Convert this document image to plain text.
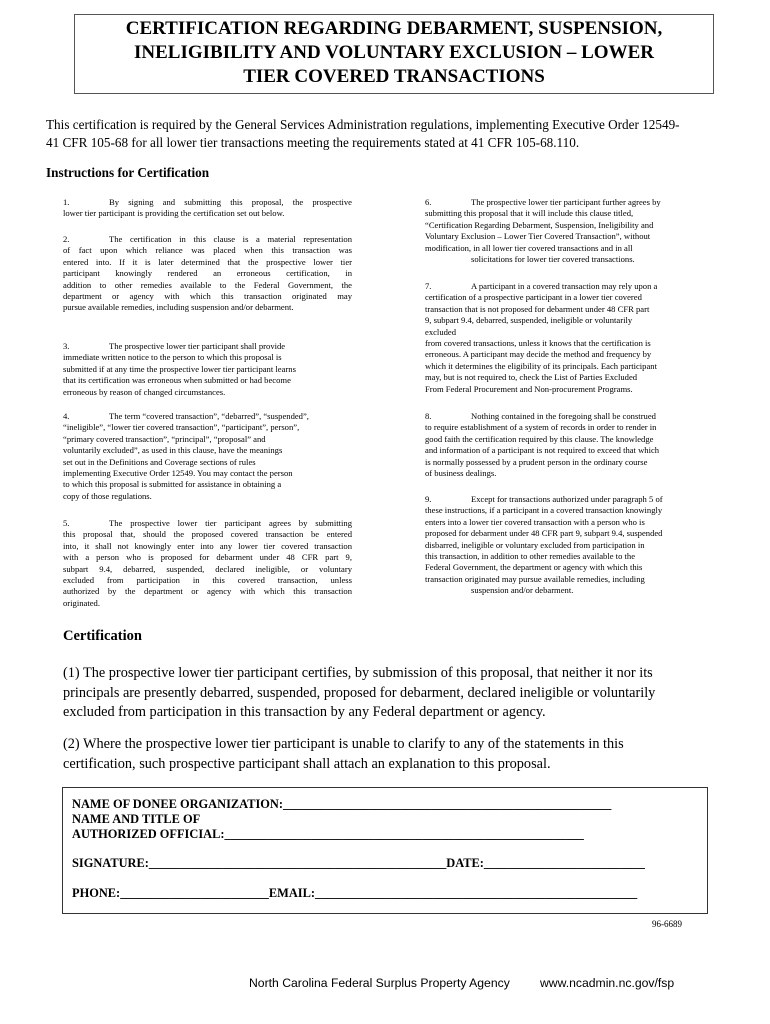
CERTIFICATION REGARDING DEBARMENT, SUSPENSION,
INELIGIBILITY AND VOLUNTARY EXCLUSION – LOWER
TIER COVERED TRANSACTIONS
This certification is required by the General Services Administration regulations, implementing Executive Order 12549-
41 CFR 105-68 for all lower tier transactions meeting the requirements stated at 41 CFR 105-68.110.
Instructions for Certification
1.	By signing and submitting this proposal, the prospective
lower tier participant is providing the certification set out below.
2.	The certification in this clause is a material representation
of fact upon which reliance was placed when this transaction was
entered into. If it is later determined that the prospective lower tier
participant knowingly rendered an erroneous certification, in
addition to other remedies available to the Federal Government, the
department or agency with which this transaction originated may
pursue available remedies, including suspension and/or debarment.
3.	The prospective lower tier participant shall provide
immediate written notice to the person to which this proposal is
submitted if at any time the prospective lower tier participant learns
that its certification was erroneous when submitted or had become
erroneous by reason of changed circumstances.
4.	The term “covered transaction”, “debarred”, “suspended”,
“ineligible”, “lower tier covered transaction”, “participant”, person”,
“primary covered transaction”, “principal”, “proposal” and
voluntarily excluded”, as used in this clause, have the meanings
set out in the Definitions and Coverage sections of rules
implementing Executive Order 12549. You may contact the person
to which this proposal is submitted for assistance in obtaining a
copy of those regulations.
5.	The prospective lower tier participant agrees by submitting
this proposal that, should the proposed covered transaction be entered
into, it shall not knowingly enter into any lower tier covered transaction
with a person who is proposed for debarment under 48 CFR part 9,
subpart 9.4, debarred, suspended, declared ineligible, or voluntary
excluded from participation in this covered transaction, unless
authorized by the department or agency with which this transaction
originated.
6.	The prospective lower tier participant further agrees by
submitting this proposal that it will include this clause titled,
“Certification Regarding Debarment, Suspension, Ineligibility and
Voluntary Exclusion – Lower Tier Covered Transaction”, without
modification, in all lower tier covered transactions and in all
solicitations for lower tier covered transactions.
7.	A participant in a covered transaction may rely upon a
certification of a prospective participant in a lower tier covered
transaction that is not proposed for debarment under 48 CFR part
9, subpart 9.4, debarred, suspended, ineligible or voluntarily
excluded
from covered transactions, unless it knows that the certification is
erroneous. A participant may decide the method and frequency by
which it determines the eligibility of its principals. Each participant
may, but is not required to, check the List of Parties Excluded
From Federal Procurement and Non-procurement Programs.
8.	Nothing contained in the foregoing shall be construed
to require establishment of a system of records in order to render in
good faith the certification required by this clause. The knowledge
and information of a participant is not required to exceed that which
is normally possessed by a prudent person in the ordinary course
of business dealings.
9.	Except for transactions authorized under paragraph 5 of
these instructions, if a participant in a covered transaction knowingly
enters into a lower tier covered transaction with a person who is
proposed for debarment under 48 CFR part 9, subpart 9.4, suspended
disbarred, ineligible or voluntary excluded from participation in
this transaction, in addition to other remedies available to the
Federal Government, the department or agency with which this
transaction originated may pursue available remedies, including
suspension and/or debarment.
Certification
(1) The prospective lower tier participant certifies, by submission of this proposal, that neither it nor its
principals are presently debarred, suspended, proposed for debarment, declared ineligible or voluntarily
excluded from participation in this transaction by any Federal department or agency.
(2) Where the prospective lower tier participant is unable to clarify to any of the statements in this
certification, such prospective participant shall attach an explanation to this proposal.
NAME OF DONEE ORGANIZATION:_____________________________________________________
NAME AND TITLE OF
AUTHORIZED OFFICIAL:__________________________________________________________
SIGNATURE:________________________________________________DATE:__________________________
PHONE:________________________EMAIL:____________________________________________________
96-6689
North Carolina Federal Surplus Property Agency www.ncadmin.nc.gov/fsp
